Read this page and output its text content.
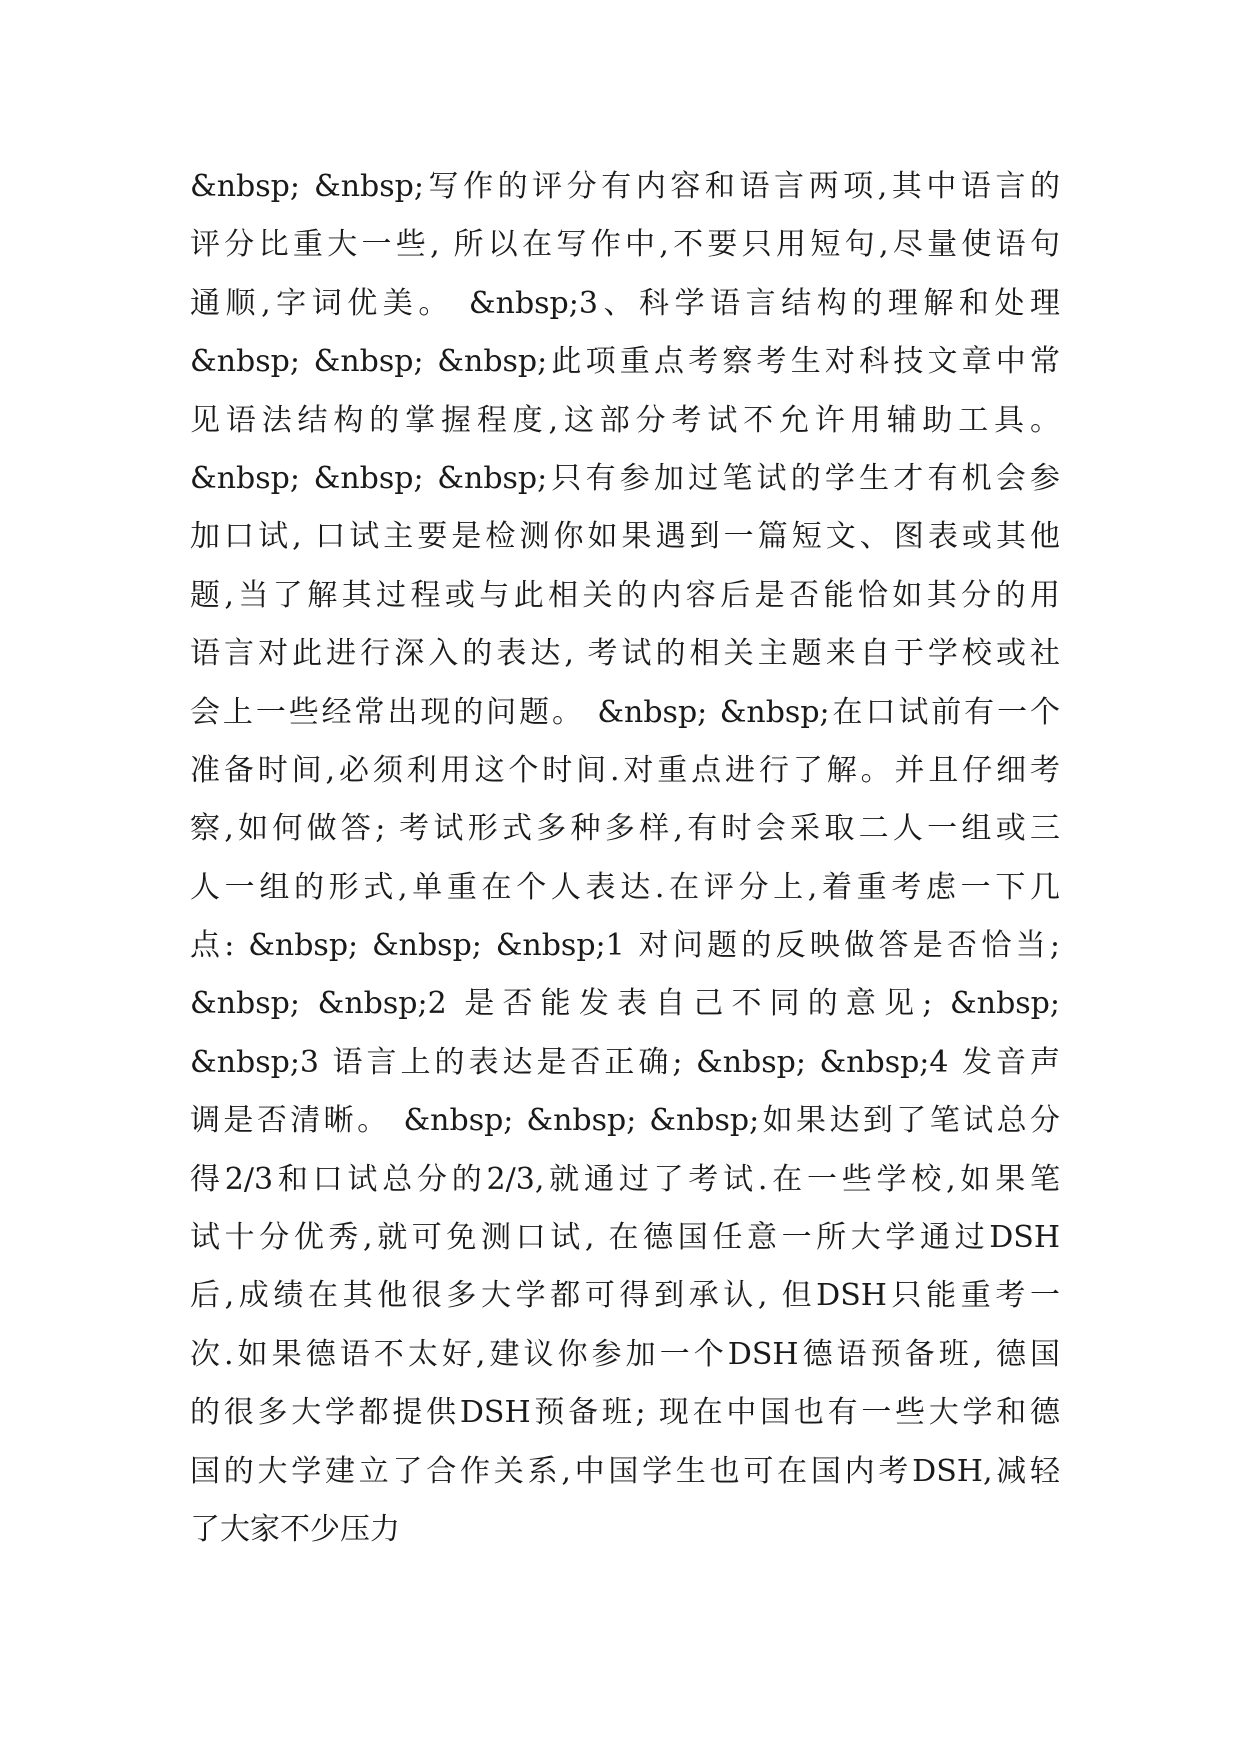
&nbsp; &nbsp;写作的评分有内容和语言两项,其中语言的
评分比重大一些, 所以在写作中,不要只用短句,尽量使语句
通顺,字词优美。 &nbsp;3、科学语言结构的理解和处理
&nbsp; &nbsp; &nbsp;此项重点考察考生对科技文章中常
见语法结构的掌握程度,这部分考试不允许用辅助工具。
&nbsp; &nbsp; &nbsp;只有参加过笔试的学生才有机会参
加口试, 口试主要是检测你如果遇到一篇短文、图表或其他
题,当了解其过程或与此相关的内容后是否能恰如其分的用
语言对此进行深入的表达, 考试的相关主题来自于学校或社
会上一些经常出现的问题。 &nbsp; &nbsp;在口试前有一个
准备时间,必须利用这个时间.对重点进行了解。并且仔细考
察,如何做答; 考试形式多种多样,有时会采取二人一组或三
人一组的形式,单重在个人表达.在评分上,着重考虑一下几
点: &nbsp; &nbsp; &nbsp;1 对问题的反映做答是否恰当;
&nbsp; &nbsp;2 是否能发表自己不同的意见; &nbsp;
&nbsp;3 语言上的表达是否正确; &nbsp; &nbsp;4 发音声
调是否清晰。 &nbsp; &nbsp; &nbsp;如果达到了笔试总分
得2/3和口试总分的2/3,就通过了考试.在一些学校,如果笔
试十分优秀,就可免测口试, 在德国任意一所大学通过DSH
后,成绩在其他很多大学都可得到承认, 但DSH只能重考一
次.如果德语不太好,建议你参加一个DSH德语预备班, 德国
的很多大学都提供DSH预备班; 现在中国也有一些大学和德
国的大学建立了合作关系,中国学生也可在国内考DSH,减轻
了大家不少压力
